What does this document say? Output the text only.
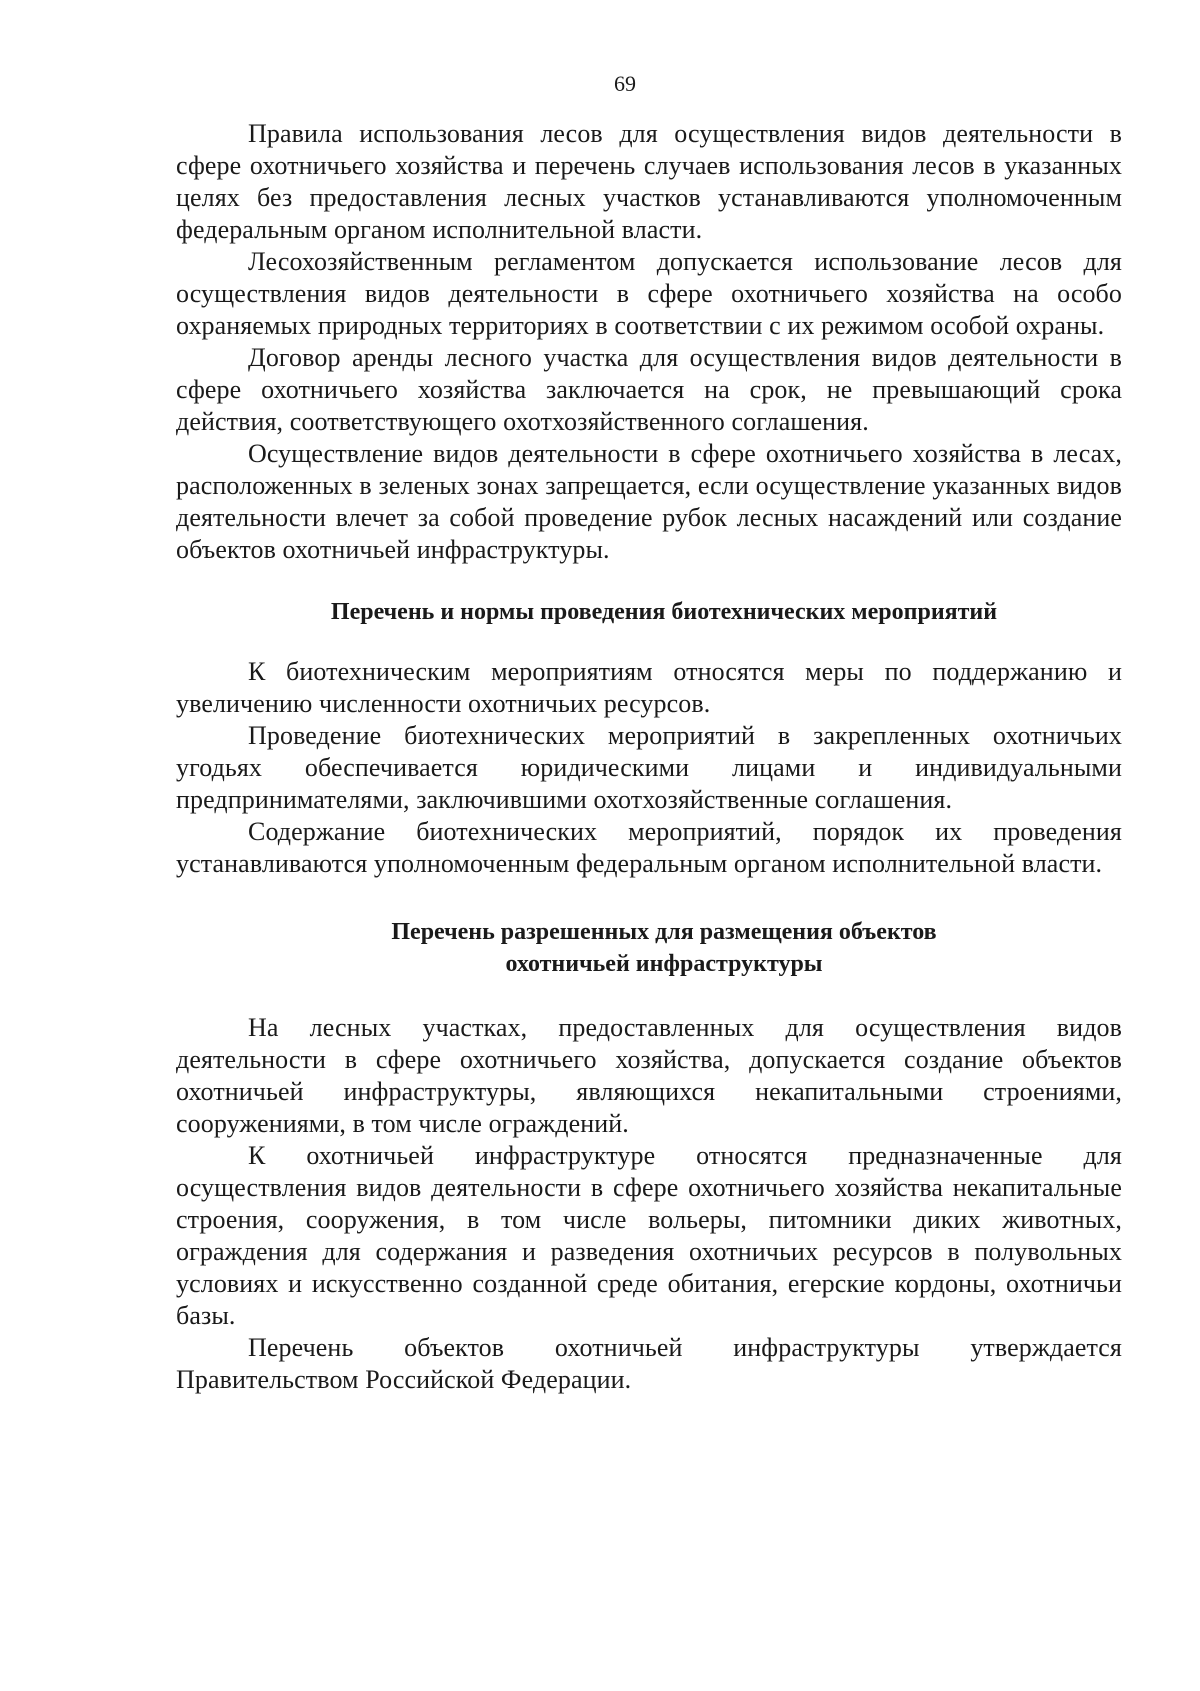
69

Правила использования лесов для осуществления видов деятельности в сфере охотничьего хозяйства и перечень случаев использования лесов в указанных целях без предоставления лесных участков устанавливаются уполномоченным федеральным органом исполнительной власти.

Лесохозяйственным регламентом допускается использование лесов для осуществления видов деятельности в сфере охотничьего хозяйства на особо охраняемых природных территориях в соответствии с их режимом особой охраны.

Договор аренды лесного участка для осуществления видов деятельности в сфере охотничьего хозяйства заключается на срок, не превышающий срока действия, соответствующего охотхозяйственного соглашения.

Осуществление видов деятельности в сфере охотничьего хозяйства в лесах, расположенных в зеленых зонах запрещается, если осуществление указанных видов деятельности влечет за собой проведение рубок лесных насаждений или создание объектов охотничьей инфраструктуры.

Перечень и нормы проведения биотехнических мероприятий

К биотехническим мероприятиям относятся меры по поддержанию и увеличению численности охотничьих ресурсов.

Проведение биотехнических мероприятий в закрепленных охотничьих угодьях обеспечивается юридическими лицами и индивидуальными предпринимателями, заключившими охотхозяйственные соглашения.

Содержание биотехнических мероприятий, порядок их проведения устанавливаются уполномоченным федеральным органом исполнительной власти.

Перечень разрешенных для размещения объектов
охотничьей инфраструктуры

На лесных участках, предоставленных для осуществления видов деятельности в сфере охотничьего хозяйства, допускается создание объектов охотничьей инфраструктуры, являющихся некапитальными строениями, сооружениями, в том числе ограждений.

К охотничьей инфраструктуре относятся предназначенные для осуществления видов деятельности в сфере охотничьего хозяйства некапитальные строения, сооружения, в том числе вольеры, питомники диких животных, ограждения для содержания и разведения охотничьих ресурсов в полувольных условиях и искусственно созданной среде обитания, егерские кордоны, охотничьи базы.

Перечень объектов охотничьей инфраструктуры утверждается Правительством Российской Федерации.
